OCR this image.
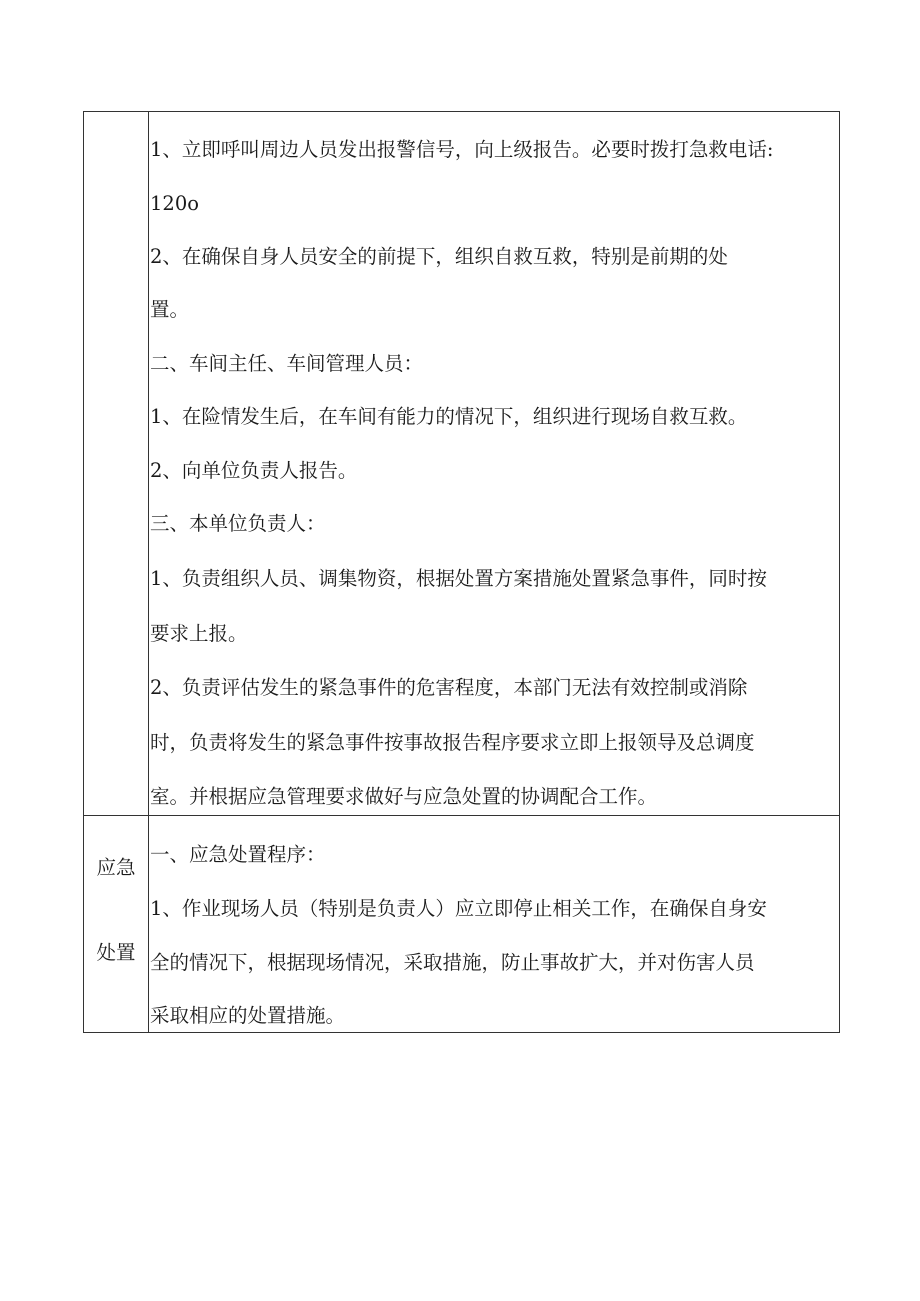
1、立即呼叫周边人员发出报警信号，向上级报告。必要时拨打急救电话:
120o
2、在确保自身人员安全的前提下，组织自救互救，特别是前期的处
置。
二、车间主任、车间管理人员：
1、在险情发生后，在车间有能力的情况下，组织进行现场自救互救。
2、向单位负责人报告。
三、本单位负责人：
1、负责组织人员、调集物资，根据处置方案措施处置紧急事件，同时按
要求上报。
2、负责评估发生的紧急事件的危害程度，本部门无法有效控制或消除
时，负责将发生的紧急事件按事故报告程序要求立即上报领导及总调度
室。并根据应急管理要求做好与应急处置的协调配合工作。
应急
处置
一、应急处置程序：
1、作业现场人员（特别是负责人）应立即停止相关工作，在确保自身安
全的情况下，根据现场情况，采取措施，防止事故扩大，并对伤害人员
采取相应的处置措施。
